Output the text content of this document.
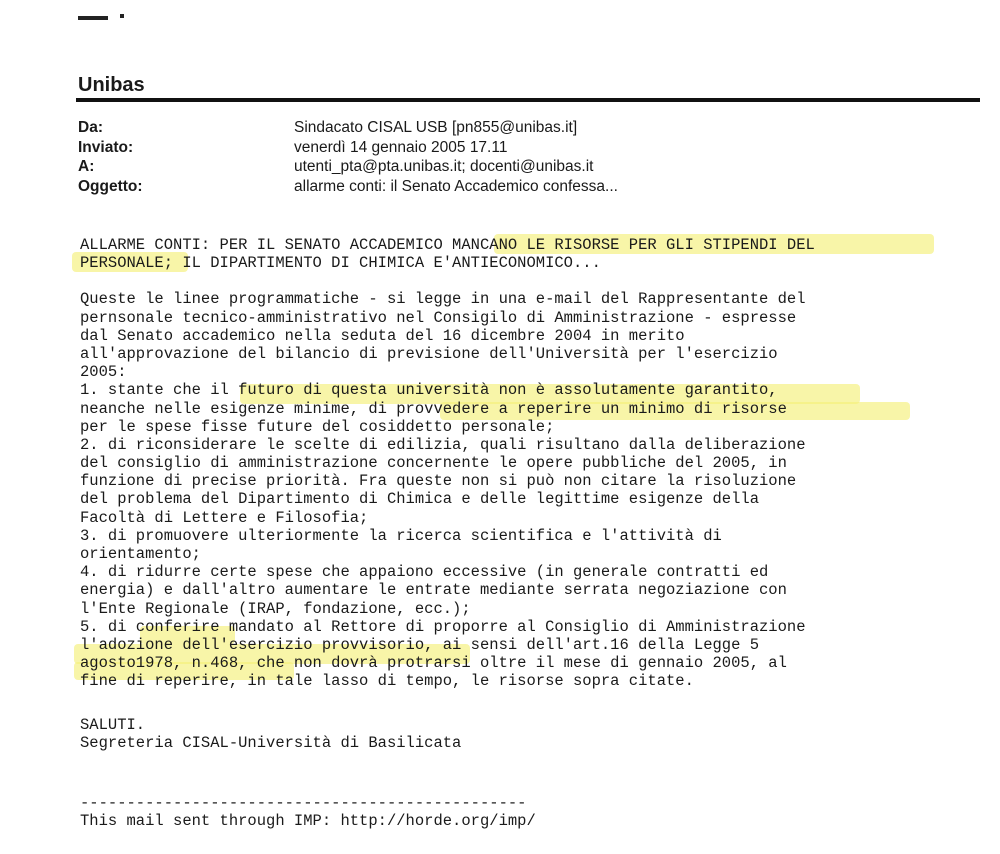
Unibas
Da:	Sindacato CISAL USB [pn855@unibas.it]
Inviato:	venerdì 14 gennaio 2005 17.11
A:	utenti_pta@pta.unibas.it; docenti@unibas.it
Oggetto:	allarme conti: il Senato Accademico confessa...
ALLARME CONTI: PER IL SENATO ACCADEMICO MANCANO LE RISORSE PER GLI STIPENDI DEL
PERSONALE; IL DIPARTIMENTO DI CHIMICA E'ANTIECONOMICO...
Queste le linee programmatiche - si legge in una e-mail del Rappresentante del
pernsonale tecnico-amministrativo nel Consigilo di Amministrazione - espresse
dal Senato accademico nella seduta del 16 dicembre 2004 in merito
all'approvazione del bilancio di previsione dell'Università per l'esercizio
2005:
1. stante che il futuro di questa università non è assolutamente garantito,
neanche nelle esigenze minime, di provvedere a reperire un minimo di risorse
per le spese fisse future del cosiddetto personale;
2. di riconsiderare le scelte di edilizia, quali risultano dalla deliberazione
del consiglio di amministrazione concernente le opere pubbliche del 2005, in
funzione di precise priorità. Fra queste non si può non citare la risoluzione
del problema del Dipartimento di Chimica e delle legittime esigenze della
Facoltà di Lettere e Filosofia;
3. di promuovere ulteriormente la ricerca scientifica e l'attività di
orientamento;
4. di ridurre certe spese che appaiono eccessive (in generale contratti ed
energia) e dall'altro aumentare le entrate mediante serrata negoziazione con
l'Ente Regionale (IRAP, fondazione, ecc.);
5. di conferire mandato al Rettore di proporre al Consiglio di Amministrazione
l'adozione dell'esercizio provvisorio, ai sensi dell'art.16 della Legge 5
agosto1978, n.468, che non dovrà protrarsi oltre il mese di gennaio 2005, al
fine di reperire, in tale lasso di tempo, le risorse sopra citate.
SALUTI.
Segreteria CISAL-Università di Basilicata
------------------------------------------------
This mail sent through IMP: http://horde.org/imp/
